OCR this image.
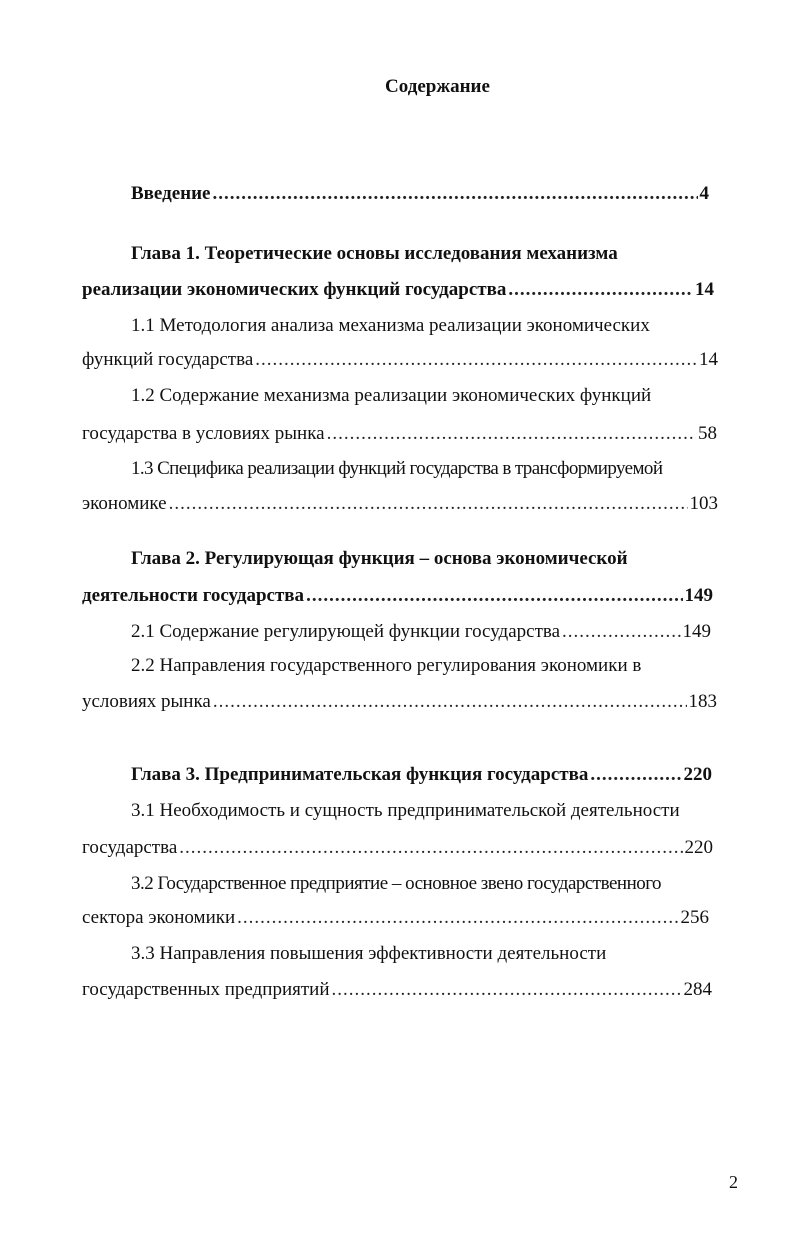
Содержание
Введение .....	4
Глава 1. Теоретические основы исследования механизма
реализации экономических функций государства .....	14
1.1 Методология анализа механизма реализации экономических
функций государства .....	14
1.2 Содержание механизма реализации экономических функций
государства в условиях рынка .....	58
1.3 Специфика реализации функций государства в трансформируемой
экономике .....	103
Глава 2. Регулирующая функция – основа экономической
деятельности государства .....	149
2.1 Содержание регулирующей функции государства .....	149
2.2 Направления государственного регулирования экономики в
условиях рынка .....	183
Глава 3. Предпринимательская функция государства .....	220
3.1 Необходимость и сущность предпринимательской деятельности
государства .....	220
3.2 Государственное предприятие – основное звено государственного
сектора экономики .....	256
3.3 Направления повышения эффективности деятельности
государственных предприятий .....	284
2
